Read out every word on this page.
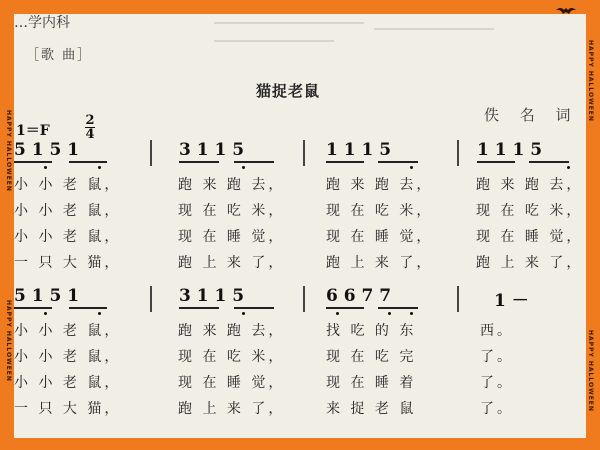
HAPPY HALLOWEEN
HAPPY HALLOWEEN
HAPPY HALLOWEEN
HAPPY HALLOWEEN
…学内科
［歌 曲］
猫捉老鼠
佚 名 词
1＝F
2
4
5 1 5 1	3 1 1 5	1 1 1 5	1 1 1 5
小 小 老 鼠，	跑 来 跑 去，	跑 来 跑 去，	跑 来 跑 去，
小 小 老 鼠，	现 在 吃 米，	现 在 吃 米，	现 在 吃 米，
小 小 老 鼠，	现 在 睡 觉，	现 在 睡 觉，	现 在 睡 觉，
一 只 大 猫，	跑 上 来 了，	跑 上 来 了，	跑 上 来 了，
5 1 5 1	3 1 1 5	6 6 7 7	1 －
小 小 老 鼠，	跑 来 跑 去，	找 吃 的 东	西。
小 小 老 鼠，	现 在 吃 米，	现 在 吃 完	了。
小 小 老 鼠，	现 在 睡 觉，	现 在 睡 着	了。
一 只 大 猫，	跑 上 来 了，	来 捉 老 鼠	了。
